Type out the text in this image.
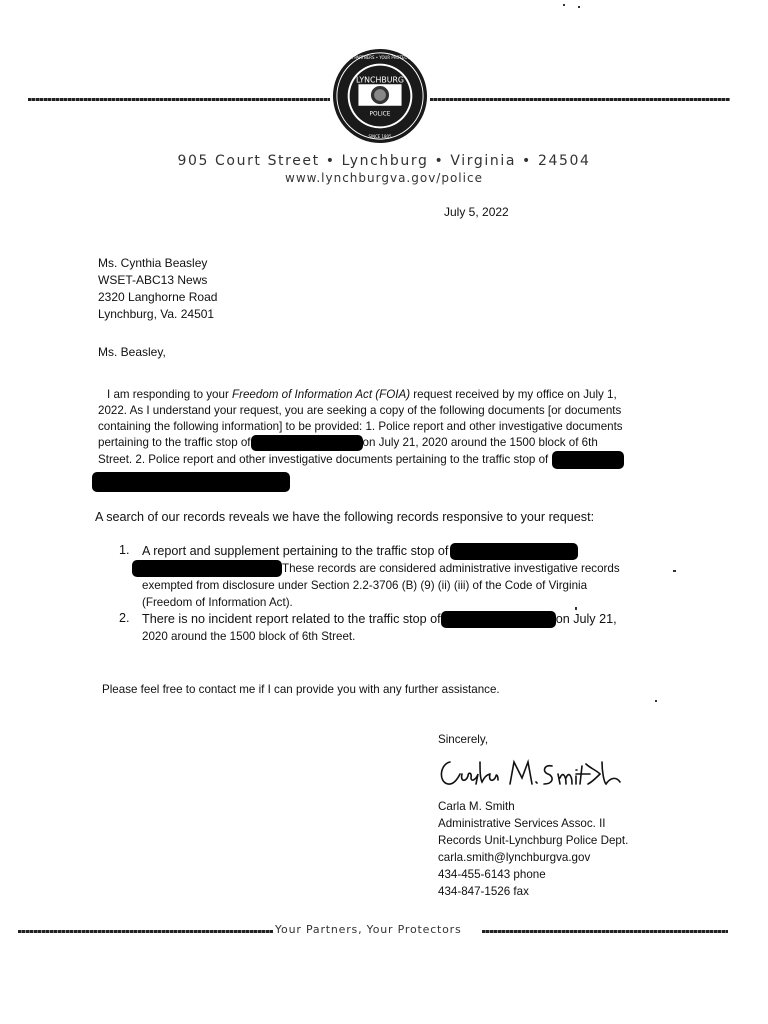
LYNCHBURG
POLICE
YOUR PARTNERS • YOUR PROTECTORS
SINCE 1805
905 Court Street • Lynchburg • Virginia • 24504
www.lynchburgva.gov/police
July 5, 2022
Ms. Cynthia Beasley
WSET-ABC13 News
2320 Langhorne Road
Lynchburg, Va. 24501
Ms. Beasley,
I am responding to your Freedom of Information Act (FOIA) request received by my office on July 1,
2022. As I understand your request, you are seeking a copy of the following documents [or documents
containing the following information] to be provided: 1. Police report and other investigative documents
pertaining to the traffic stop of	on July 21, 2020 around the 1500 block of 6th
Street. 2. Police report and other investigative documents pertaining to the traffic stop of
A search of our records reveals we have the following records responsive to your request:
1. A report and supplement pertaining to the traffic stop of
These records are considered administrative investigative records
exempted from disclosure under Section 2.2-3706 (B) (9) (ii) (iii) of the Code of Virginia
(Freedom of Information Act).
2. There is no incident report related to the traffic stop of	on July 21,
2020 around the 1500 block of 6th Street.
Please feel free to contact me if I can provide you with any further assistance.
Sincerely,
Carla M. Smith
Administrative Services Assoc. II
Records Unit-Lynchburg Police Dept.
carla.smith@lynchburgva.gov
434-455-6143 phone
434-847-1526 fax
Your Partners, Your Protectors
